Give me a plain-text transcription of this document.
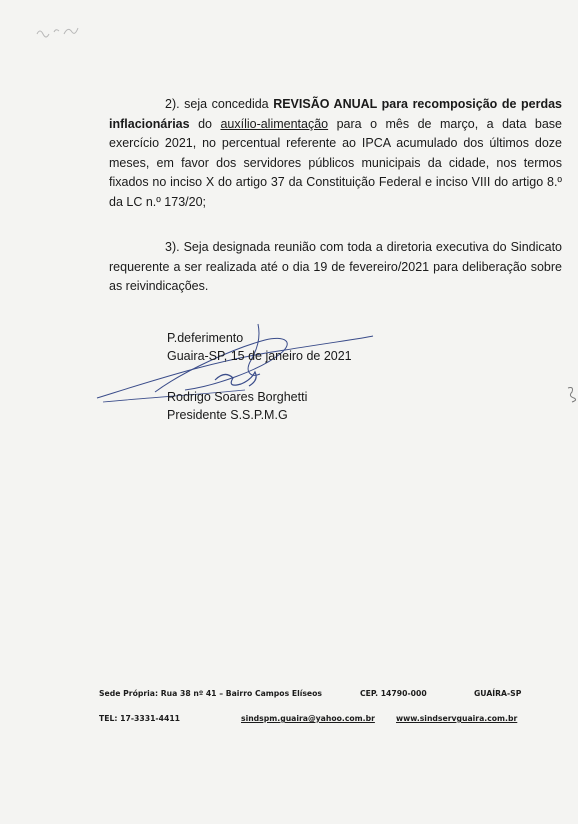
2). seja concedida REVISÃO ANUAL para recomposição de perdas inflacionárias do auxílio-alimentação para o mês de março, a data base exercício 2021, no percentual referente ao IPCA acumulado dos últimos doze meses, em favor dos servidores públicos municipais da cidade, nos termos fixados no inciso X do artigo 37 da Constituição Federal e inciso VIII do artigo 8.º da LC n.º 173/20;

3). Seja designada reunião com toda a diretoria executiva do Sindicato requerente a ser realizada até o dia 19 de fevereiro/2021 para deliberação sobre as reivindicações.

P.deferimento
Guaira-SP, 15 de janeiro de 2021
Rodrigo Soares Borghetti
Presidente S.S.P.M.G
Sede Própria: Rua 38 nº 41 – Bairro Campos Elíseos	CEP. 14790-000	GUAÍRA-SP
TEL: 17-3331-4411	sindspm.guaira@yahoo.com.br	www.sindservguaira.com.br
